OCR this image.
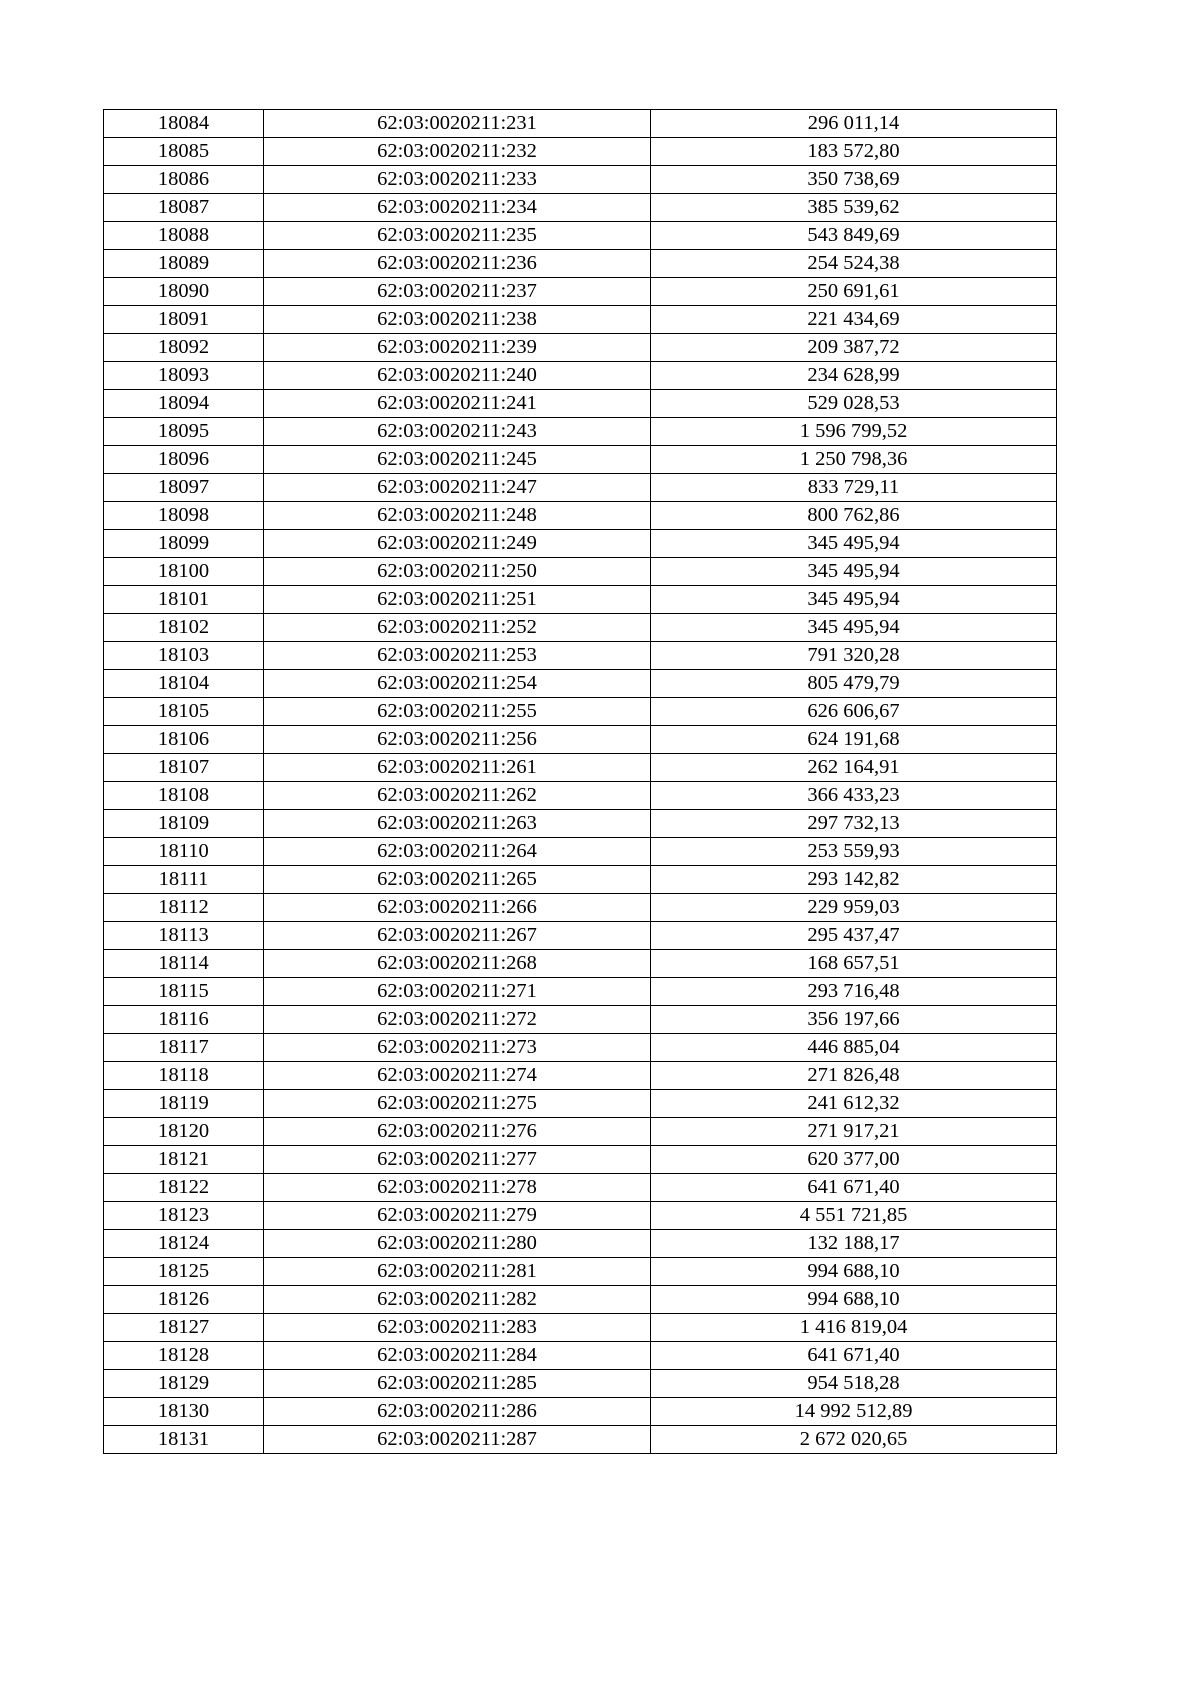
18084	62:03:0020211:231	296 011,14
18085	62:03:0020211:232	183 572,80
18086	62:03:0020211:233	350 738,69
18087	62:03:0020211:234	385 539,62
18088	62:03:0020211:235	543 849,69
18089	62:03:0020211:236	254 524,38
18090	62:03:0020211:237	250 691,61
18091	62:03:0020211:238	221 434,69
18092	62:03:0020211:239	209 387,72
18093	62:03:0020211:240	234 628,99
18094	62:03:0020211:241	529 028,53
18095	62:03:0020211:243	1 596 799,52
18096	62:03:0020211:245	1 250 798,36
18097	62:03:0020211:247	833 729,11
18098	62:03:0020211:248	800 762,86
18099	62:03:0020211:249	345 495,94
18100	62:03:0020211:250	345 495,94
18101	62:03:0020211:251	345 495,94
18102	62:03:0020211:252	345 495,94
18103	62:03:0020211:253	791 320,28
18104	62:03:0020211:254	805 479,79
18105	62:03:0020211:255	626 606,67
18106	62:03:0020211:256	624 191,68
18107	62:03:0020211:261	262 164,91
18108	62:03:0020211:262	366 433,23
18109	62:03:0020211:263	297 732,13
18110	62:03:0020211:264	253 559,93
18111	62:03:0020211:265	293 142,82
18112	62:03:0020211:266	229 959,03
18113	62:03:0020211:267	295 437,47
18114	62:03:0020211:268	168 657,51
18115	62:03:0020211:271	293 716,48
18116	62:03:0020211:272	356 197,66
18117	62:03:0020211:273	446 885,04
18118	62:03:0020211:274	271 826,48
18119	62:03:0020211:275	241 612,32
18120	62:03:0020211:276	271 917,21
18121	62:03:0020211:277	620 377,00
18122	62:03:0020211:278	641 671,40
18123	62:03:0020211:279	4 551 721,85
18124	62:03:0020211:280	132 188,17
18125	62:03:0020211:281	994 688,10
18126	62:03:0020211:282	994 688,10
18127	62:03:0020211:283	1 416 819,04
18128	62:03:0020211:284	641 671,40
18129	62:03:0020211:285	954 518,28
18130	62:03:0020211:286	14 992 512,89
18131	62:03:0020211:287	2 672 020,65
